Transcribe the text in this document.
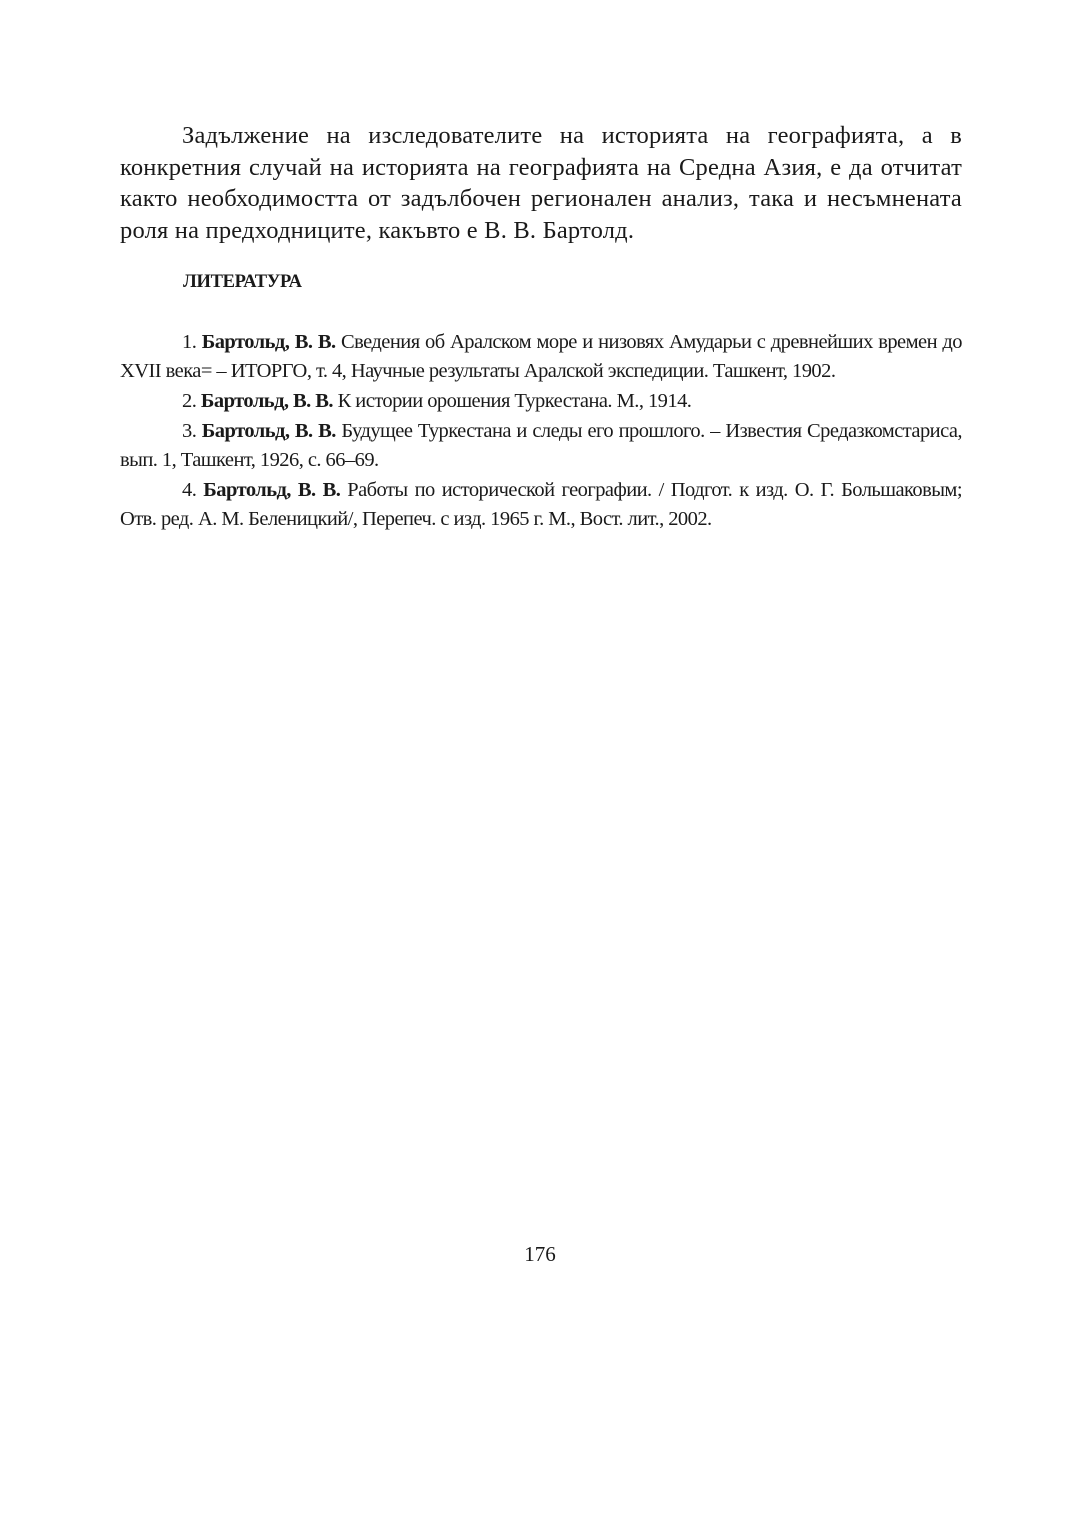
Задължение на изследователите на историята на географията, а в конкретния случай на историята на географията на Средна Азия, е да отчитат както необходимостта от задълбочен регионален анализ, така и несъмнената роля на предходниците, какъвто е В. В. Бартолд.

ЛИТЕРАТУРА
1. Бартольд, В. В. Сведения об Аралском море и низовях Амударьи с древнейших времен до XVII века= – ИТОРГО, т. 4, Научные результаты Аралской экспедиции. Ташкент, 1902.
2. Бартольд, В. В. К истории орошения Туркестана. М., 1914.
3. Бартольд, В. В. Будущее Туркестана и следы его прошлого. – Известия Средазкомстариса, вып. 1, Ташкент, 1926, с. 66–69.
4. Бартольд, В. В. Работы по исторической географии. / Подгот. к изд. О. Г. Большаковым; Отв. ред. А. М. Беленицкий/, Перепеч. с изд. 1965 г. М., Вост. лит., 2002.

176
